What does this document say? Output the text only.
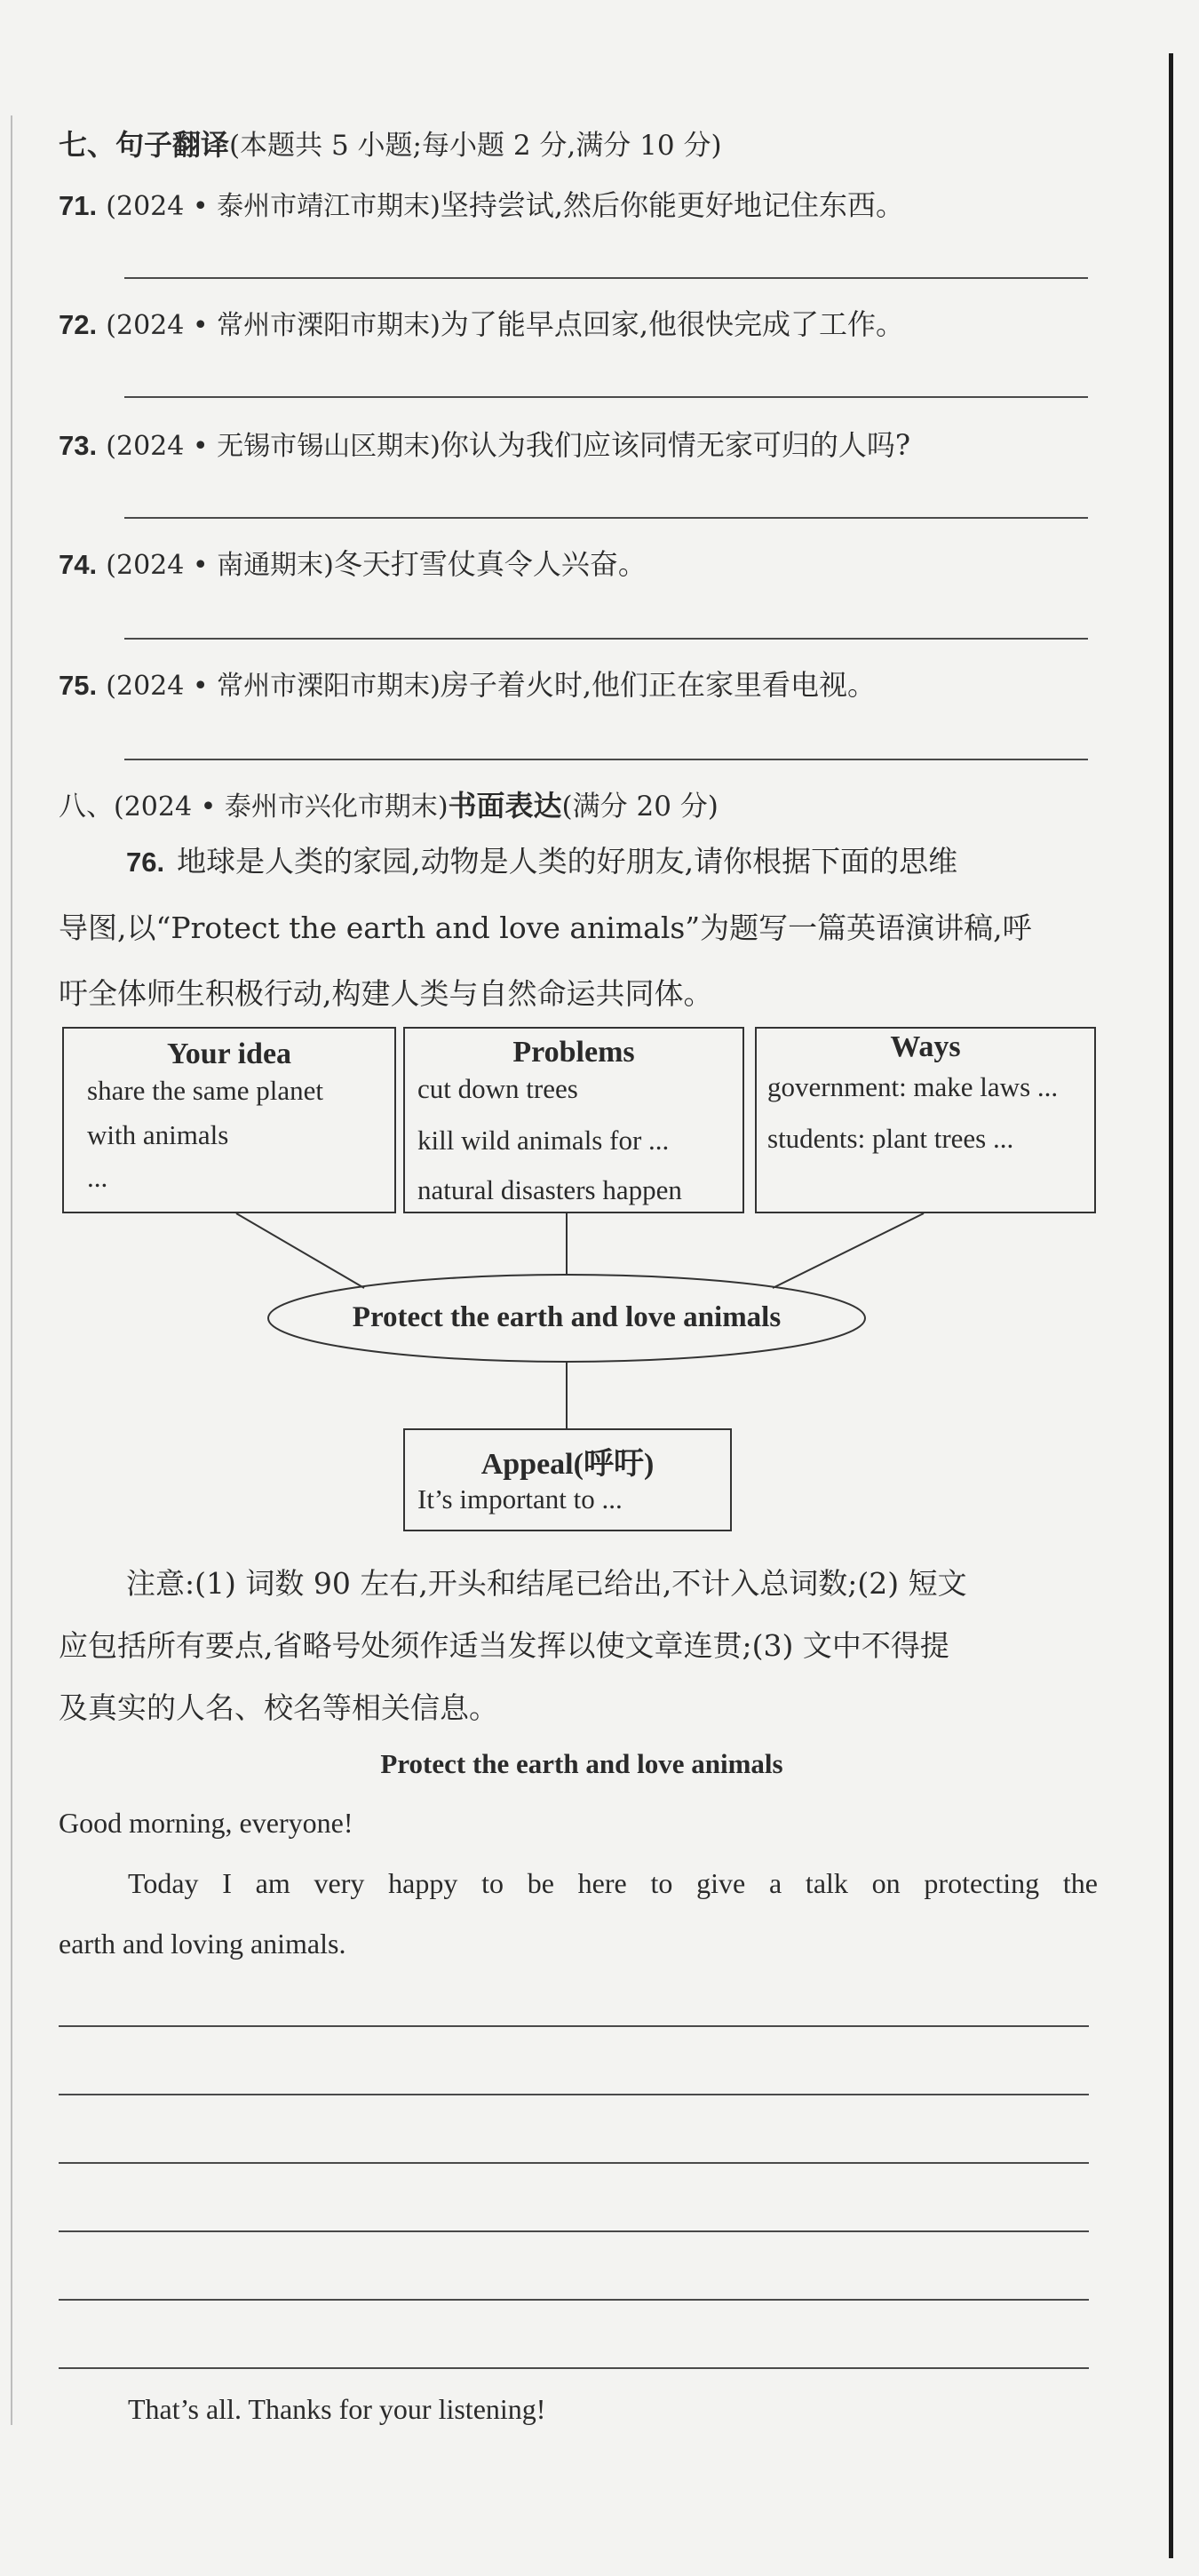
七、句子翻译(本题共 5 小题;每小题 2 分,满分 10 分)
71. (2024 • 泰州市靖江市期末)坚持尝试,然后你能更好地记住东西。
72. (2024 • 常州市溧阳市期末)为了能早点回家,他很快完成了工作。
73. (2024 • 无锡市锡山区期末)你认为我们应该同情无家可归的人吗?
74. (2024 • 南通期末)冬天打雪仗真令人兴奋。
75. (2024 • 常州市溧阳市期末)房子着火时,他们正在家里看电视。
八、(2024 • 泰州市兴化市期末)书面表达(满分 20 分)
76. 地球是人类的家园,动物是人类的好朋友,请你根据下面的思维
导图,以“Protect the earth and love animals”为题写一篇英语演讲稿,呼
吁全体师生积极行动,构建人类与自然命运共同体。
Protect the earth and love animals
Your idea
share the same planet
with animals
...
Problems
cut down trees
kill wild animals for ...
natural disasters happen
Ways
government: make laws ...
students: plant trees ...
Appeal(呼吁)
It’s important to ...
注意:(1) 词数 90 左右,开头和结尾已给出,不计入总词数;(2) 短文
应包括所有要点,省略号处须作适当发挥以使文章连贯;(3) 文中不得提
及真实的人名、校名等相关信息。
Protect the earth and love animals
Good morning, everyone!
Today I am very happy to be here to give a talk on protecting the
earth and loving animals.
That’s all. Thanks for your listening!
